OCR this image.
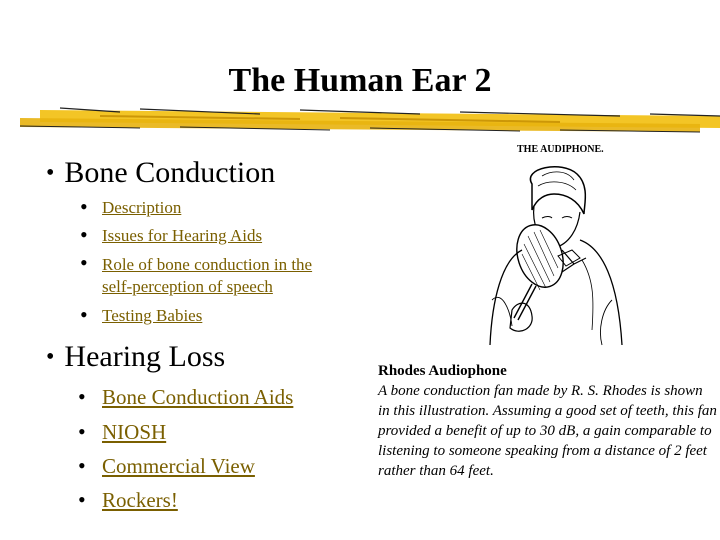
The Human Ear 2
• Bone Conduction
• Description
• Issues for Hearing Aids
• Role of bone conduction in the self-perception of speech
• Testing Babies
• Hearing Loss
• Bone Conduction Aids
• NIOSH
• Commercial View
• Rockers!
THE AUDIPHONE.
Rhodes Audiophone
A bone conduction fan made by R. S. Rhodes is shown in this illustration. Assuming a good set of teeth, this fan provided a benefit of up to 30 dB, a gain comparable to listening to someone speaking from a distance of 2 feet rather than 64 feet.
